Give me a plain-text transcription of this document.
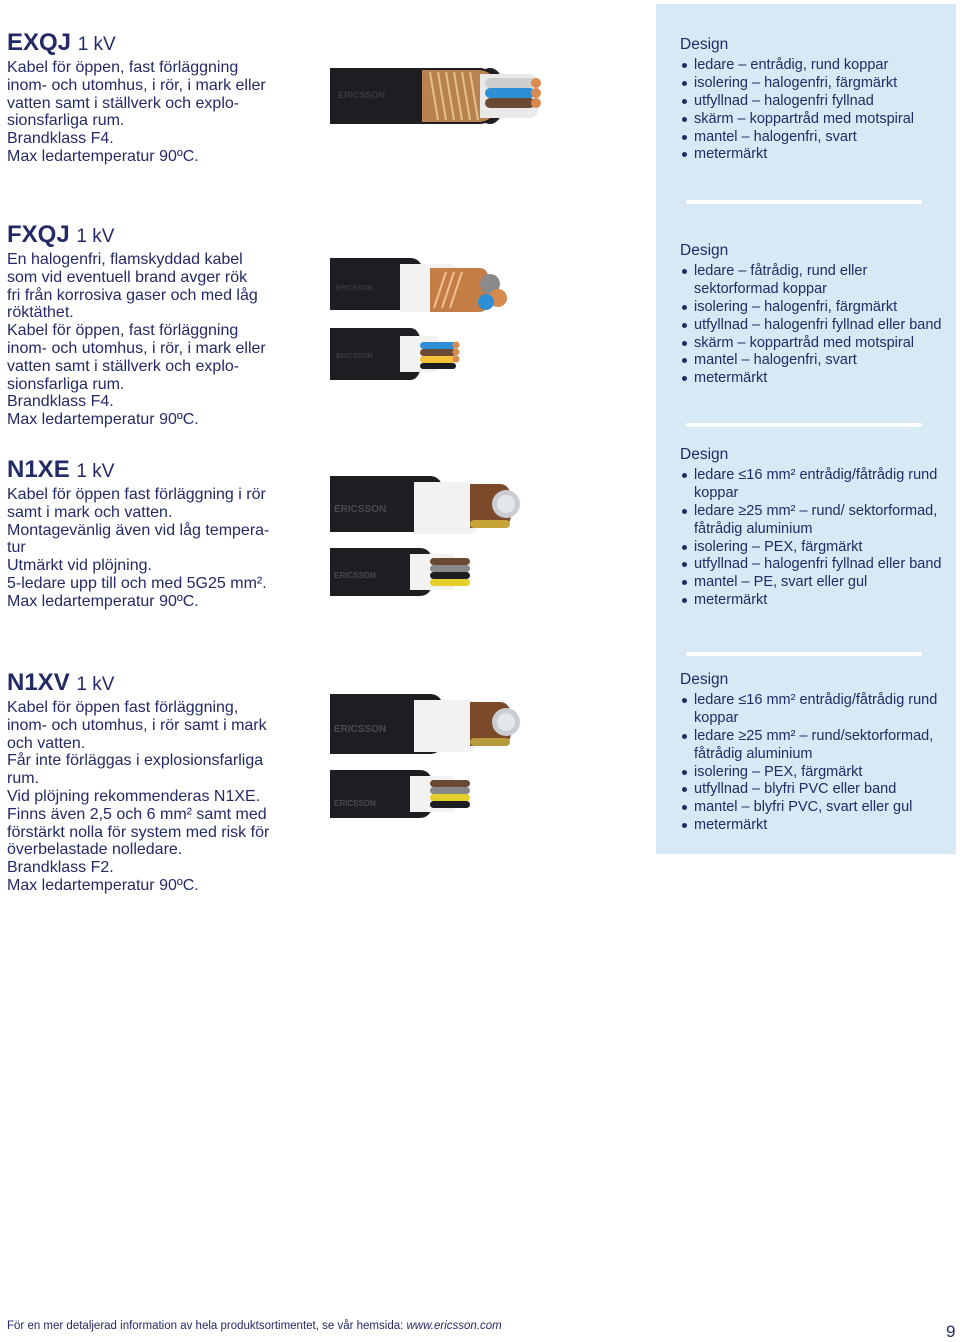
EXQJ 1 kV

Kabel för öppen, fast förläggning
inom- och utomhus, i rör, i mark eller
vatten samt i ställverk och explo-
sionsfarliga rum.
Brandklass F4.
Max ledartemperatur 90ºC.

ERICSSON
Design
ledare – entrådig, rund koppar
isolering – halogenfri, färgmärkt
utfyllnad – halogenfri fyllnad
skärm – koppartråd med motspiral
mantel – halogenfri, svart
metermärkt
FXQJ 1 kV

En halogenfri, flamskyddad kabel
som vid eventuell brand avger rök
fri från korrosiva gaser och med låg
röktäthet.
Kabel för öppen, fast förläggning
inom- och utomhus, i rör, i mark eller
vatten samt i ställverk och explo-
sionsfarliga rum.
Brandklass F4.
Max ledartemperatur 90ºC.

ERICSSON
ERICSSON
Design
ledare – fåtrådig, rund eller sektorformad koppar
isolering – halogenfri, färgmärkt
utfyllnad – halogenfri fyllnad eller band
skärm – koppartråd med motspiral
mantel – halogenfri, svart
metermärkt
N1XE 1 kV

Kabel för öppen fast förläggning i rör
samt i mark och vatten.
Montagevänlig även vid låg tempera-
tur
Utmärkt vid plöjning.
5-ledare upp till och med 5G25 mm².
Max ledartemperatur 90ºC.

ERICSSON
ERICSSON
Design
ledare ≤16 mm² entrådig/fåtrådig rund koppar
ledare ≥25 mm² – rund/ sektorformad, fåtrådig aluminium
isolering – PEX, färgmärkt
utfyllnad – halogenfri fyllnad eller band
mantel – PE, svart eller gul
metermärkt
N1XV 1 kV

Kabel för öppen fast förläggning,
inom- och utomhus, i rör samt i mark
och vatten.
Får inte förläggas i explosionsfarliga
rum.
Vid plöjning rekommenderas N1XE.
Finns även 2,5 och 6 mm² samt med
förstärkt nolla för system med risk för
överbelastade nolledare.
Brandklass F2.
Max ledartemperatur 90ºC.

ERICSSON
ERICSSON
Design
ledare ≤16 mm² entrådig/fåtrådig rund koppar
ledare ≥25 mm² – rund/sektorformad, fåtrådig aluminium
isolering – PEX, färgmärkt
utfyllnad – blyfri PVC eller band
mantel – blyfri PVC, svart eller gul
metermärkt
För en mer detaljerad information av hela produktsortimentet, se vår hemsida: www.ericsson.com	9
